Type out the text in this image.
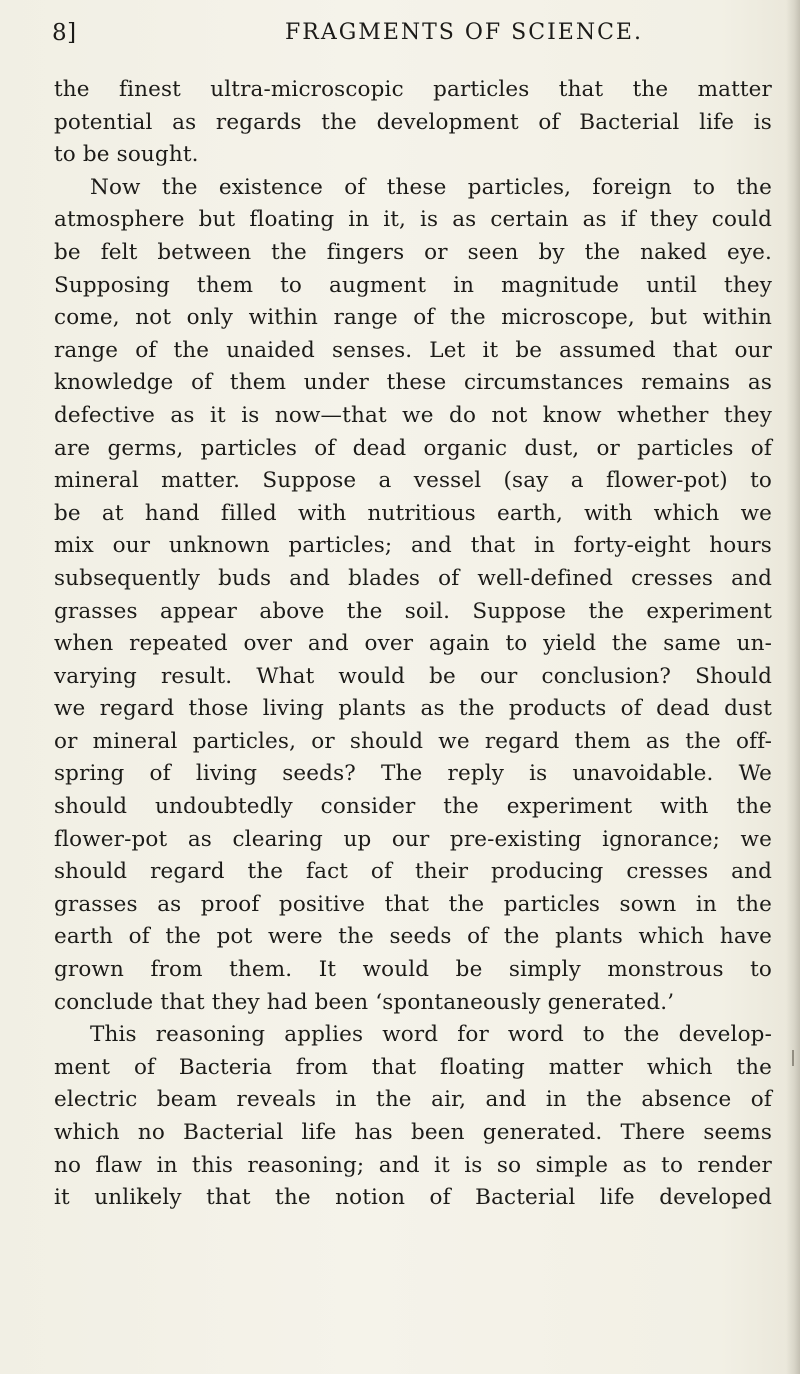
8]	FRAGMENTS OF SCIENCE.
the finest ultra-microscopic particles that the matter
potential as regards the development of Bacterial life is
to be sought.
Now the existence of these particles, foreign to the
atmosphere but floating in it, is as certain as if they could
be felt between the fingers or seen by the naked eye.
Supposing them to augment in magnitude until they
come, not only within range of the microscope, but within
range of the unaided senses. Let it be assumed that our
knowledge of them under these circumstances remains as
defective as it is now—that we do not know whether they
are germs, particles of dead organic dust, or particles of
mineral matter. Suppose a vessel (say a flower-pot) to
be at hand filled with nutritious earth, with which we
mix our unknown particles; and that in forty-eight hours
subsequently buds and blades of well-defined cresses and
grasses appear above the soil. Suppose the experiment
when repeated over and over again to yield the same un-
varying result. What would be our conclusion? Should
we regard those living plants as the products of dead dust
or mineral particles, or should we regard them as the off-
spring of living seeds? The reply is unavoidable. We
should undoubtedly consider the experiment with the
flower-pot as clearing up our pre-existing ignorance; we
should regard the fact of their producing cresses and
grasses as proof positive that the particles sown in the
earth of the pot were the seeds of the plants which have
grown from them. It would be simply monstrous to
conclude that they had been ‘spontaneously generated.’
This reasoning applies word for word to the develop-
ment of Bacteria from that floating matter which the
electric beam reveals in the air, and in the absence of
which no Bacterial life has been generated. There seems
no flaw in this reasoning; and it is so simple as to render
it unlikely that the notion of Bacterial life developed
